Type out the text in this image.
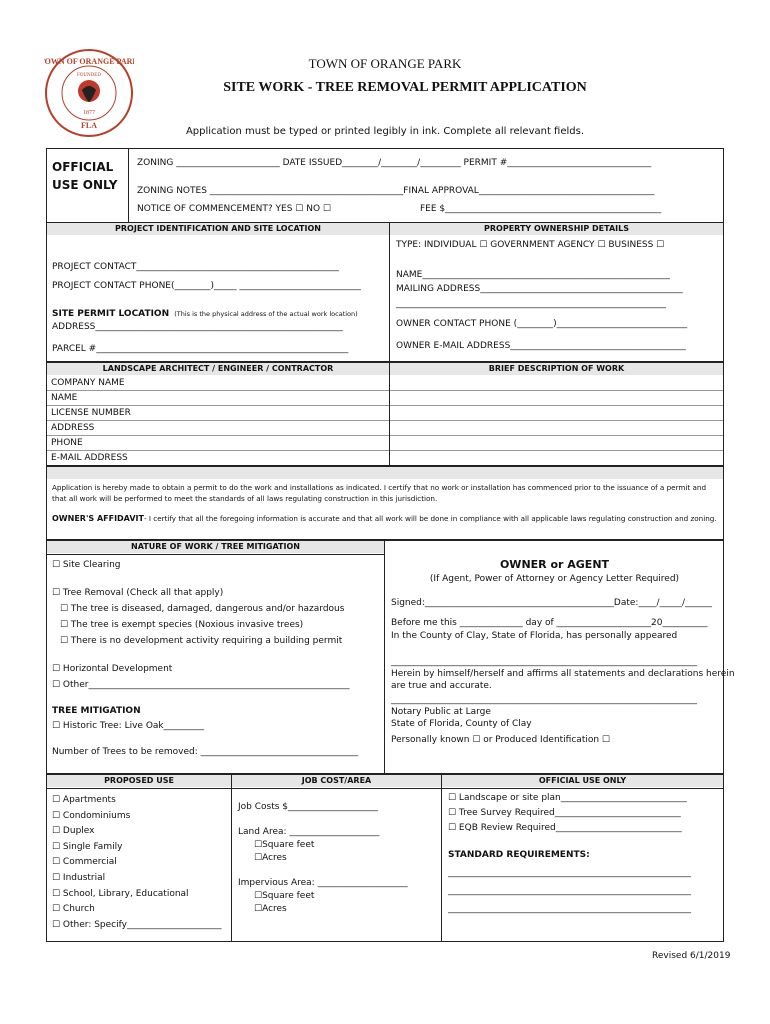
TOWN OF ORANGE PARK
FOUNDED
1877
FLA
TOWN OF ORANGE PARK
SITE WORK - TREE REMOVAL PERMIT APPLICATION
Application must be typed or printed legibly in ink. Complete all relevant fields.
OFFICIAL
USE ONLY
ZONING _______________________ DATE ISSUED________/________/_________ PERMIT #________________________________
ZONING NOTES ___________________________________________FINAL APPROVAL_______________________________________
NOTICE OF COMMENCEMENT? YES ☐ NO ☐	FEE $________________________________________________
PROJECT IDENTIFICATION AND SITE LOCATION	PROPERTY OWNERSHIP DETAILS
PROJECT CONTACT_____________________________________________
PROJECT CONTACT PHONE(________)_____ ___________________________
SITE PERMIT LOCATION (This is the physical address of the actual work location)
ADDRESS_______________________________________________________
PARCEL #________________________________________________________
TYPE: INDIVIDUAL ☐ GOVERNMENT AGENCY ☐ BUSINESS ☐
NAME_______________________________________________________
MAILING ADDRESS_____________________________________________
____________________________________________________________
OWNER CONTACT PHONE (________)_____________________________
OWNER E-MAIL ADDRESS_______________________________________
LANDSCAPE ARCHITECT / ENGINEER / CONTRACTOR	BRIEF DESCRIPTION OF WORK
COMPANY NAME
NAME
LICENSE NUMBER
ADDRESS
PHONE
E-MAIL ADDRESS
Application is hereby made to obtain a permit to do the work and installations as indicated. I certify that no work or installation has commenced prior to the issuance of a permit and that all work will be performed to meet the standards of all laws regulating construction in this jurisdiction.
OWNER'S AFFIDAVIT- I certify that all the foregoing information is accurate and that all work will be done in compliance with all applicable laws regulating construction and zoning.
NATURE OF WORK / TREE MITIGATION
☐ Site Clearing
☐ Tree Removal (Check all that apply)
☐ The tree is diseased, damaged, dangerous and/or hazardous
☐ The tree is exempt species (Noxious invasive trees)
☐ There is no development activity requiring a building permit
☐ Horizontal Development
☐ Other__________________________________________________________
TREE MITIGATION
☐ Historic Tree: Live Oak_________
Number of Trees to be removed: ___________________________________
OWNER or AGENT
(If Agent, Power of Attorney or Agency Letter Required)
Signed:__________________________________________Date:____/_____/______
Before me this ______________ day of _____________________20__________
In the County of Clay, State of Florida, has personally appeared
____________________________________________________________________
Herein by himself/herself and affirms all statements and declarations herein
are true and accurate.
____________________________________________________________________
Notary Public at Large
State of Florida, County of Clay
Personally known ☐ or Produced Identification ☐
PROPOSED USE	JOB COST/AREA	OFFICIAL USE ONLY
☐ Apartments
☐ Condominiums
☐ Duplex
☐ Single Family
☐ Commercial
☐ Industrial
☐ School, Library, Educational
☐ Church
☐ Other: Specify_____________________
Job Costs $____________________
Land Area: ____________________
☐Square feet
☐Acres
Impervious Area: ____________________
☐Square feet
☐Acres
☐ Landscape or site plan____________________________
☐ Tree Survey Required____________________________
☐ EQB Review Required____________________________
STANDARD REQUIREMENTS:
______________________________________________________
______________________________________________________
______________________________________________________
Revised 6/1/2019
